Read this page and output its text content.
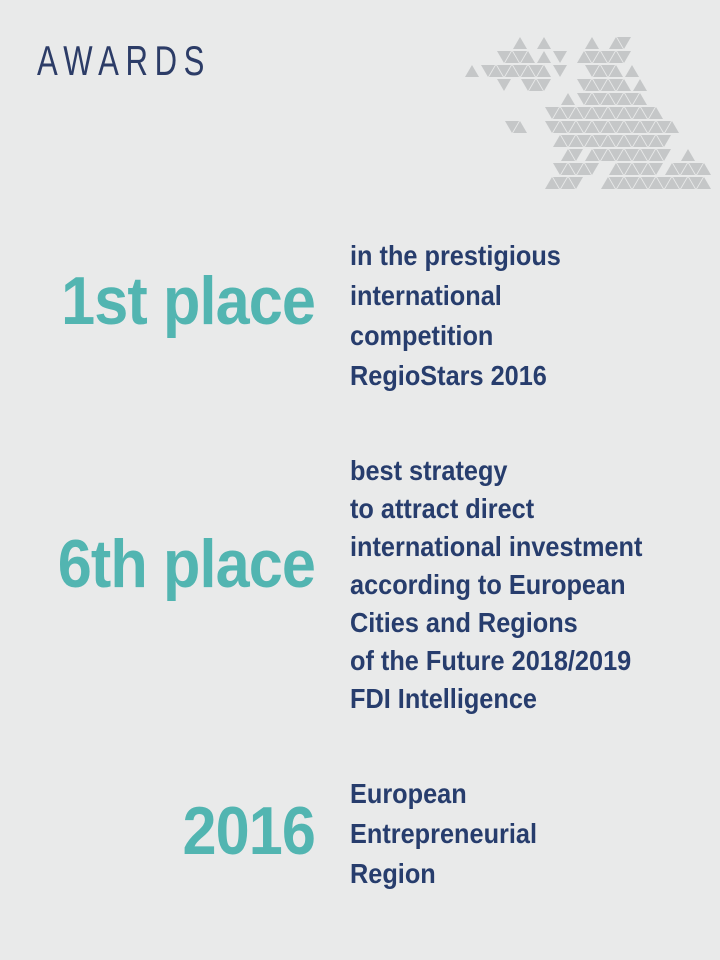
AWARDS
1st place
in the prestigious
international
competition
RegioStars 2016
6th place
best strategy
to attract direct
international investment
according to European
Cities and Regions
of the Future 2018/2019
FDI Intelligence
2016 European
Entrepreneurial
Region
